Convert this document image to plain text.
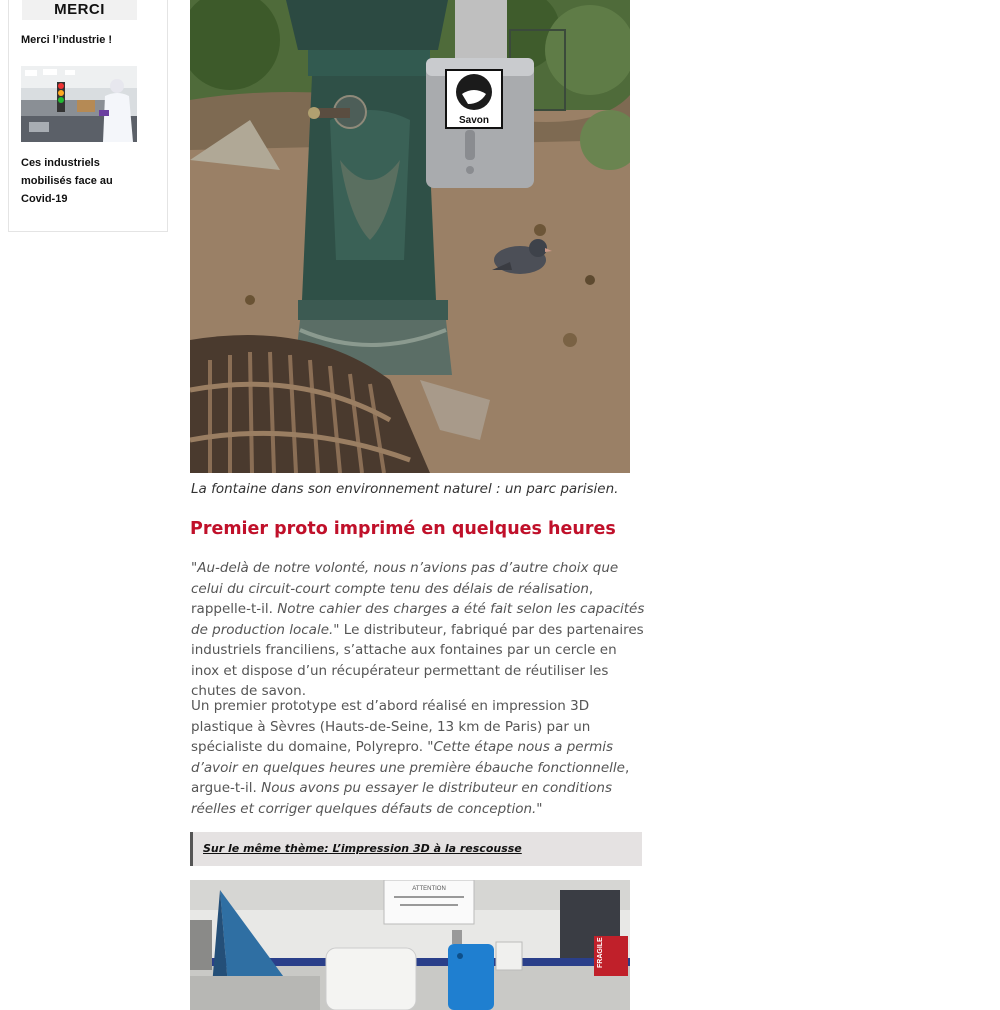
MERCI
Merci l’industrie !
Ces industriels mobilisés face au Covid-19
Savon

La fontaine dans son environnement naturel : un parc parisien.

Premier proto imprimé en quelques heures

"Au-delà de notre volonté, nous n’avions pas d’autre choix que celui du circuit-court compte tenu des délais de réalisation, rappelle-t-il. Notre cahier des charges a été fait selon les capacités de production locale." Le distributeur, fabriqué par des partenaires industriels franciliens, s’attache aux fontaines par un cercle en inox et dispose d’un récupérateur permettant de réutiliser les chutes de savon.

Un premier prototype est d’abord réalisé en impression 3D plastique à Sèvres (Hauts-de-Seine, 13 km de Paris) par un spécialiste du domaine, Polyrepro. "Cette étape nous a permis d’avoir en quelques heures une première ébauche fonctionnelle, argue-t-il. Nous avons pu essayer le distributeur en conditions réelles et corriger quelques défauts de conception."

Sur le même thème: L’impression 3D à la rescousse
ATTENTION
FRAGILE
